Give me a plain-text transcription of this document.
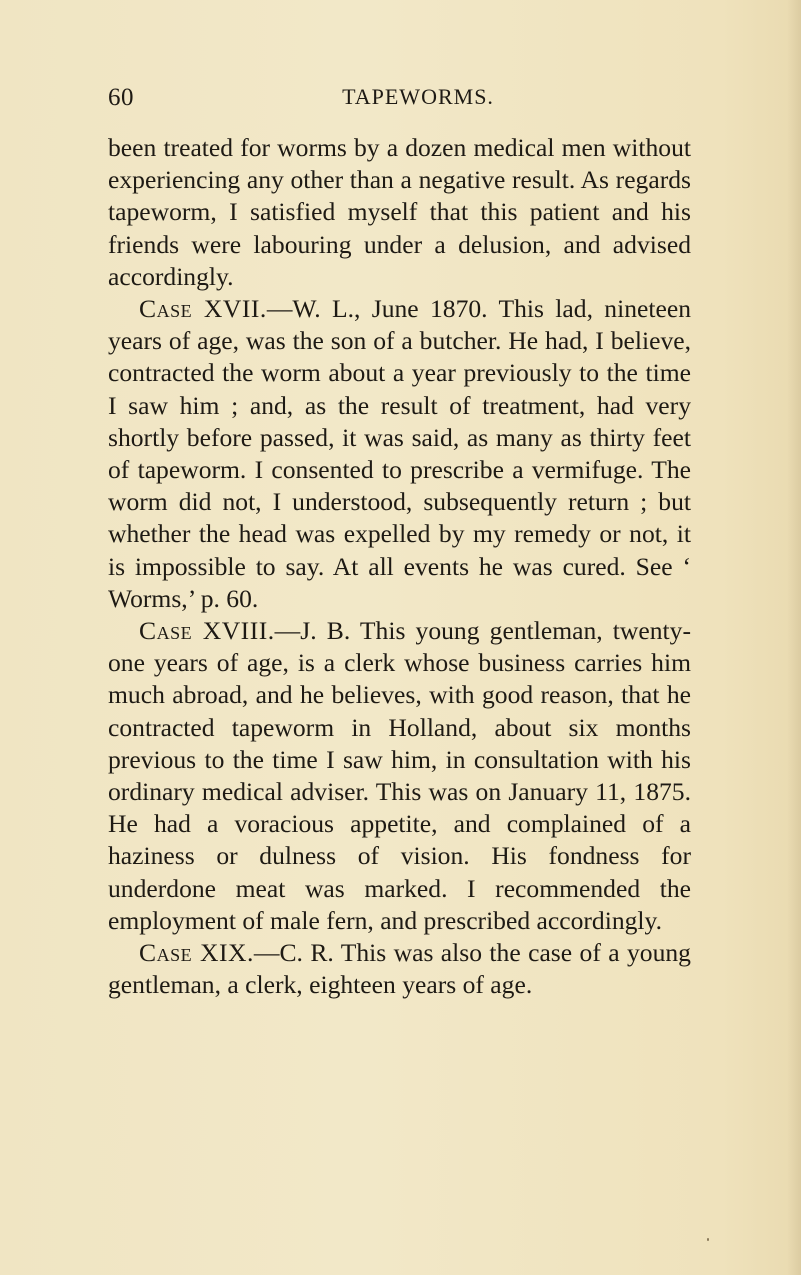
60	TAPEWORMS.

been treated for worms by a dozen medical men without experiencing any other than a negative result. As regards tapeworm, I satisfied myself that this patient and his friends were labouring under a delusion, and advised accordingly.

Case XVII.—W. L., June 1870. This lad, nineteen years of age, was the son of a butcher. He had, I believe, contracted the worm about a year previously to the time I saw him ; and, as the result of treatment, had very shortly before passed, it was said, as many as thirty feet of tapeworm. I consented to prescribe a vermifuge. The worm did not, I understood, subsequently return ; but whether the head was expelled by my remedy or not, it is impossible to say. At all events he was cured. See ‘ Worms,’ p. 60.

Case XVIII.—J. B. This young gentleman, twenty-one years of age, is a clerk whose business carries him much abroad, and he believes, with good reason, that he contracted tapeworm in Holland, about six months previous to the time I saw him, in consultation with his ordinary medical adviser. This was on January 11, 1875. He had a voracious appetite, and complained of a haziness or dulness of vision. His fondness for underdone meat was marked. I recommended the employment of male fern, and prescribed accordingly.

Case XIX.—C. R. This was also the case of a young gentleman, a clerk, eighteen years of age.
